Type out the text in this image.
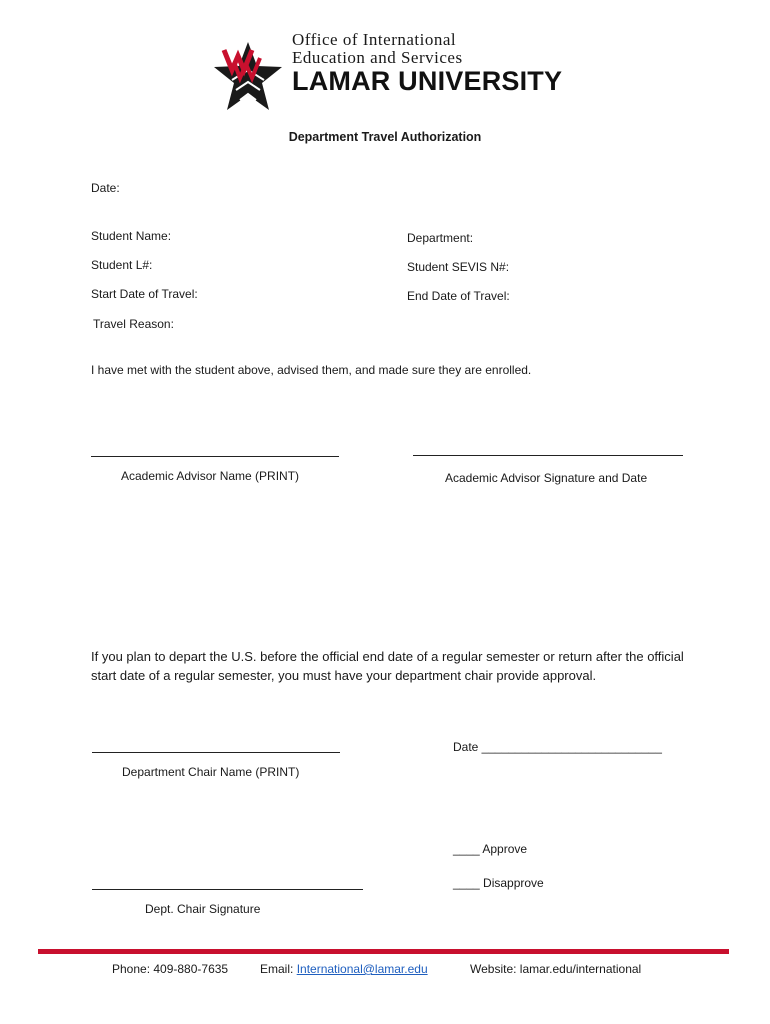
Office of International
Education and Services
LAMAR UNIVERSITY
Department Travel Authorization
Date:
Student Name:	Department:
Student L#:	Student SEVIS N#:
Start Date of Travel:	End Date of Travel:
Travel Reason:
I have met with the student above, advised them, and made sure they are enrolled.
Academic Advisor Name (PRINT)	Academic Advisor Signature and Date
If you plan to depart the U.S. before the official end date of a regular semester or return after the official start date of a regular semester, you must have your department chair provide approval.
Date ___________________________
Department Chair Name (PRINT)
____ Approve
____ Disapprove
Dept. Chair Signature
Phone: 409-880-7635	Email: International@lamar.edu	Website: lamar.edu/international
